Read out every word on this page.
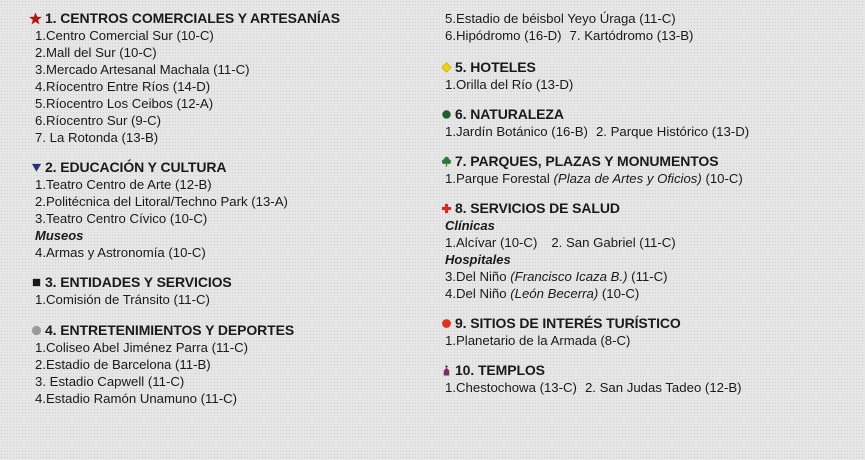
1. CENTROS COMERCIALES Y ARTESANÍAS
1.Centro Comercial Sur (10-C)
2.Mall del Sur (10-C)
3.Mercado Artesanal Machala (11-C)
4.Ríocentro Entre Ríos (14-D)
5.Ríocentro Los Ceibos (12-A)
6.Ríocentro Sur (9-C)
7. La Rotonda (13-B)
2. EDUCACIÓN Y CULTURA
1.Teatro Centro de Arte (12-B)
2.Politécnica del Litoral/Techno Park (13-A)
3.Teatro Centro Cívico (10-C)
Museos
4.Armas y Astronomía (10-C)
3. ENTIDADES Y SERVICIOS
1.Comisión de Tránsito (11-C)
4. ENTRETENIMIENTOS Y DEPORTES
1.Coliseo Abel Jiménez Parra (11-C)
2.Estadio de Barcelona (11-B)
3. Estadio Capwell (11-C)
4.Estadio Ramón Unamuno (11-C)
5.Estadio de béisbol Yeyo Úraga (11-C)
6.Hipódromo (16-D) 7. Kartódromo (13-B)
5. HOTELES
1.Orilla del Río (13-D)
6. NATURALEZA
1.Jardín Botánico (16-B) 2. Parque Histórico (13-D)
7. PARQUES, PLAZAS Y MONUMENTOS
1.Parque Forestal (Plaza de Artes y Oficios) (10-C)
8. SERVICIOS DE SALUD
Clínicas
1.Alcívar (10-C) 2. San Gabriel (11-C)
Hospitales
3.Del Niño (Francisco Icaza B.) (11-C)
4.Del Niño (León Becerra) (10-C)
9. SITIOS DE INTERÉS TURÍSTICO
1.Planetario de la Armada (8-C)
10. TEMPLOS
1.Chestochowa (13-C) 2. San Judas Tadeo (12-B)
